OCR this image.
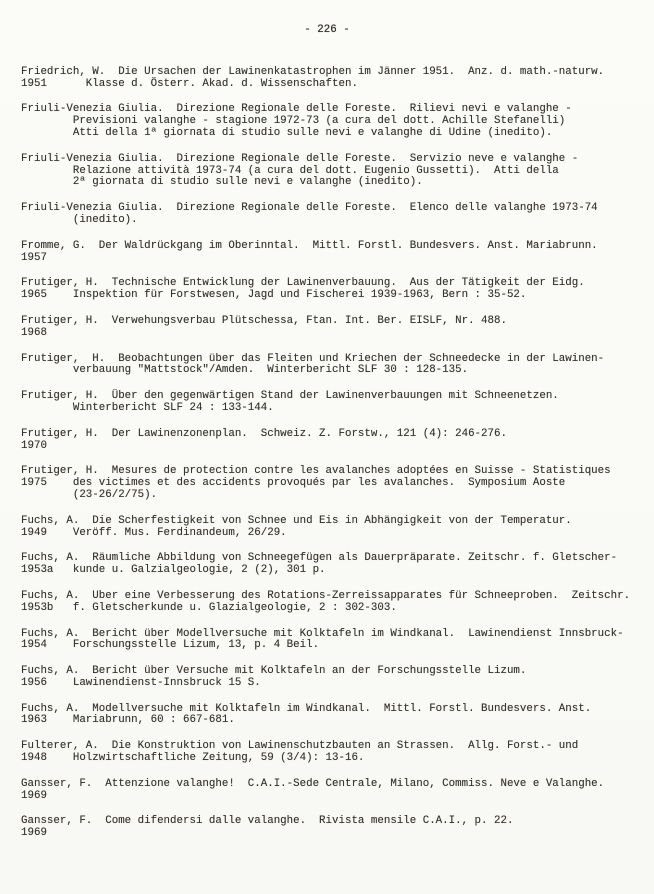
- 226 -
Friedrich, W.  Die Ursachen der Lawinenkatastrophen im Jänner 1951.  Anz. d. math.-naturw.
1951      Klasse d. Österr. Akad. d. Wissenschaften.
Friuli-Venezia Giulia.  Direzione Regionale delle Foreste.  Rilievi nevi e valanghe -
Previsioni valanghe - stagione 1972-73 (a cura del dott. Achille Stefanelli)
Atti della 1ª giornata di studio sulle nevi e valanghe di Udine (inedito).
Friuli-Venezia Giulia.  Direzione Regionale delle Foreste.  Servizio neve e valanghe -
Relazione attività 1973-74 (a cura del dott. Eugenio Gussetti).  Atti della
2ª giornata di studio sulle nevi e valanghe (inedito).
Friuli-Venezia Giulia.  Direzione Regionale delle Foreste.  Elenco delle valanghe 1973-74
(inedito).
Fromme, G.  Der Waldrückgang im Oberinntal.  Mittl. Forstl. Bundesvers. Anst. Mariabrunn.
1957
Frutiger, H.  Technische Entwicklung der Lawinenverbauung.  Aus der Tätigkeit der Eidg.
1965    Inspektion für Forstwesen, Jagd und Fischerei 1939-1963, Bern : 35-52.
Frutiger, H.  Verwehungsverbau Plütschessa, Ftan. Int. Ber. EISLF, Nr. 488.
1968
Frutiger,  H.  Beobachtungen über das Fleiten und Kriechen der Schneedecke in der Lawinen-
verbauung "Mattstock"/Amden.  Winterbericht SLF 30 : 128-135.
Frutiger, H.  Über den gegenwärtigen Stand der Lawinenverbauungen mit Schneenetzen.
Winterbericht SLF 24 : 133-144.
Frutiger, H.  Der Lawinenzonenplan.  Schweiz. Z. Forstw., 121 (4): 246-276.
1970
Frutiger, H.  Mesures de protection contre les avalanches adoptées en Suisse - Statistiques
1975    des victimes et des accidents provoqués par les avalanches.  Symposium Aoste
(23-26/2/75).
Fuchs, A.  Die Scherfestigkeit von Schnee und Eis in Abhängigkeit von der Temperatur.
1949    Veröff. Mus. Ferdinandeum, 26/29.
Fuchs, A.  Räumliche Abbildung von Schneegefügen als Dauerpräparate. Zeitschr. f. Gletscher-
1953a   kunde u. Galzialgeologie, 2 (2), 301 p.
Fuchs, A.  Uber eine Verbesserung des Rotations-Zerreissapparates für Schneeproben.  Zeitschr.
1953b   f. Gletscherkunde u. Glazialgeologie, 2 : 302-303.
Fuchs, A.  Bericht über Modellversuche mit Kolktafeln im Windkanal.  Lawinendienst Innsbruck-
1954    Forschungsstelle Lizum, 13, p. 4 Beil.
Fuchs, A.  Bericht über Versuche mit Kolktafeln an der Forschungsstelle Lizum.
1956    Lawinendienst-Innsbruck 15 S.
Fuchs, A.  Modellversuche mit Kolktafeln im Windkanal.  Mittl. Forstl. Bundesvers. Anst.
1963    Mariabrunn, 60 : 667-681.
Fulterer, A.  Die Konstruktion von Lawinenschutzbauten an Strassen.  Allg. Forst.- und
1948    Holzwirtschaftliche Zeitung, 59 (3/4): 13-16.
Gansser, F.  Attenzione valanghe!  C.A.I.-Sede Centrale, Milano, Commiss. Neve e Valanghe.
1969
Gansser, F.  Come difendersi dalle valanghe.  Rivista mensile C.A.I., p. 22.
1969
